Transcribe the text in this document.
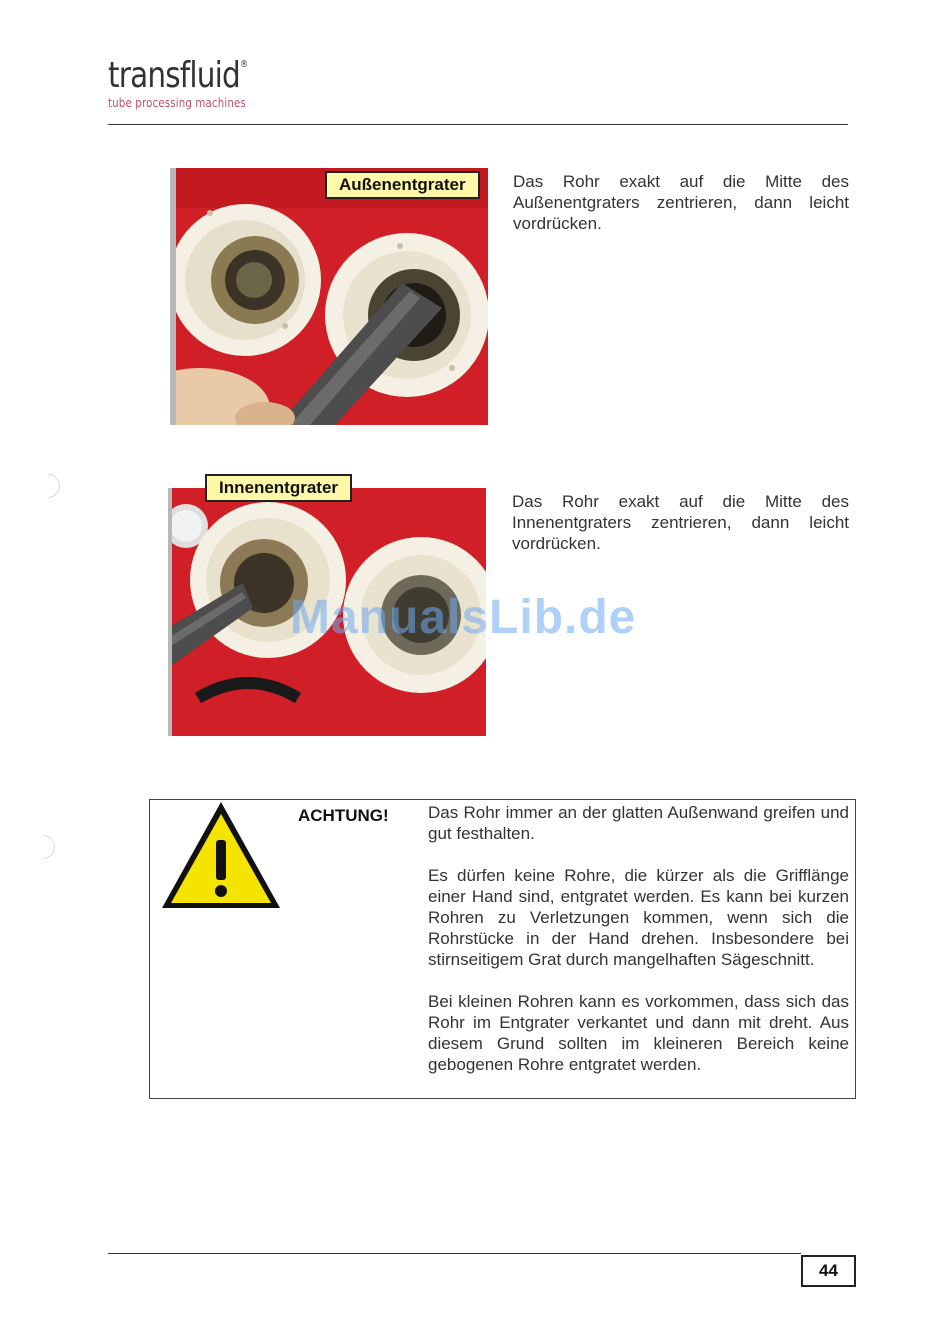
transfluid®
tube processing machines
Außenentgrater	Das Rohr exakt auf die Mitte des Außenentgraters zentrieren, dann leicht vordrücken.
Innenentgrater
Das Rohr exakt auf die Mitte des Innenentgraters zentrieren, dann leicht vordrücken.
ManualsLib.de
ACHTUNG! Das Rohr immer an der glatten Außenwand greifen und gut festhalten.

Es dürfen keine Rohre, die kürzer als die Grifflänge einer Hand sind, entgratet werden. Es kann bei kurzen Rohren zu Verletzungen kommen, wenn sich die Rohrstücke in der Hand drehen. Insbesondere bei stirnseitigem Grat durch mangelhaften Sägeschnitt.

Bei kleinen Rohren kann es vorkommen, dass sich das Rohr im Entgrater verkantet und dann mit dreht. Aus diesem Grund sollten im kleineren Bereich keine gebogenen Rohre entgratet werden.

44
